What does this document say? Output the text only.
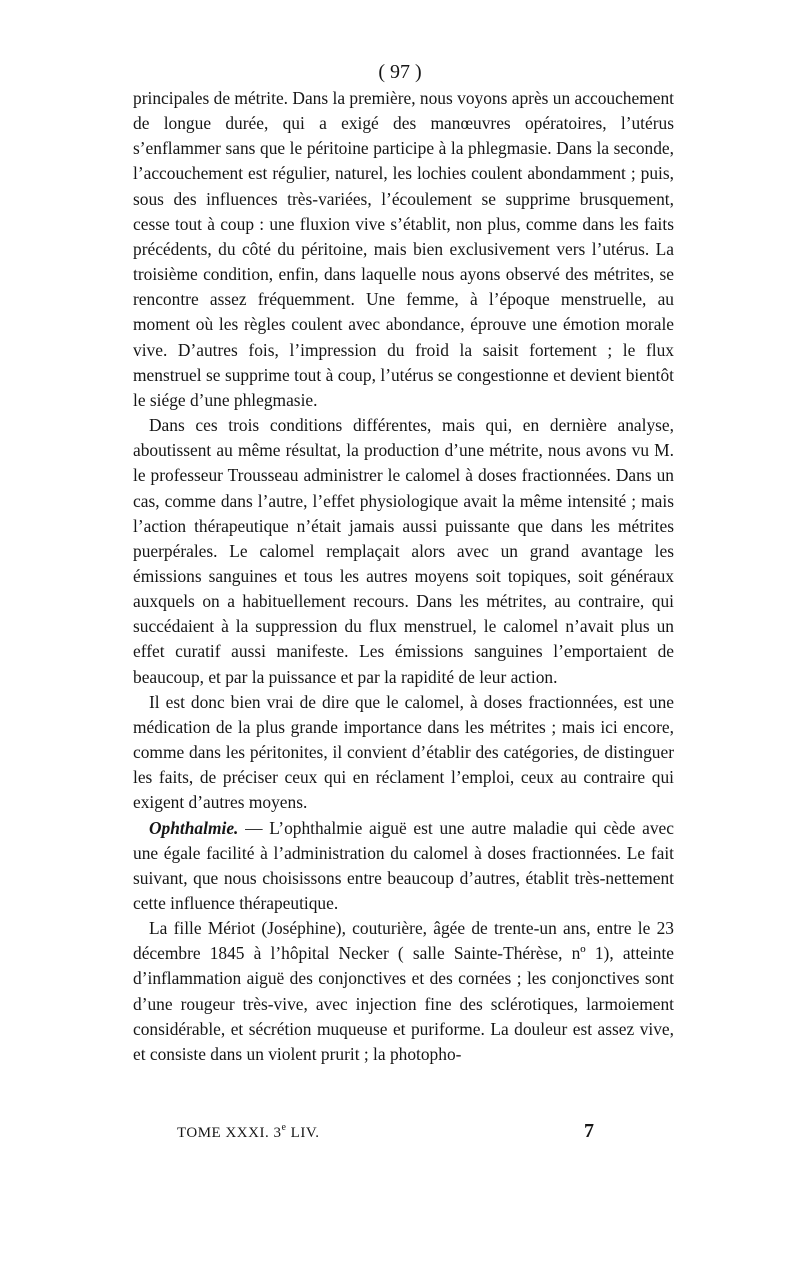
( 97 )

principales de métrite. Dans la première, nous voyons après un accouchement de longue durée, qui a exigé des manœuvres opératoires, l’utérus s’enflammer sans que le péritoine participe à la phlegmasie. Dans la seconde, l’accouchement est régulier, naturel, les lochies coulent abondamment ; puis, sous des influences très-variées, l’écoulement se supprime brusquement, cesse tout à coup : une fluxion vive s’établit, non plus, comme dans les faits précédents, du côté du péritoine, mais bien exclusivement vers l’utérus. La troisième condition, enfin, dans laquelle nous ayons observé des métrites, se rencontre assez fréquemment. Une femme, à l’époque menstruelle, au moment où les règles coulent avec abondance, éprouve une émotion morale vive. D’autres fois, l’impression du froid la saisit fortement ; le flux menstruel se supprime tout à coup, l’utérus se congestionne et devient bientôt le siége d’une phlegmasie.

Dans ces trois conditions différentes, mais qui, en dernière analyse, aboutissent au même résultat, la production d’une métrite, nous avons vu M. le professeur Trousseau administrer le calomel à doses fractionnées. Dans un cas, comme dans l’autre, l’effet physiologique avait la même intensité ; mais l’action thérapeutique n’était jamais aussi puissante que dans les métrites puerpérales. Le calomel remplaçait alors avec un grand avantage les émissions sanguines et tous les autres moyens soit topiques, soit généraux auxquels on a habituellement recours. Dans les métrites, au contraire, qui succédaient à la suppression du flux menstruel, le calomel n’avait plus un effet curatif aussi manifeste. Les émissions sanguines l’emportaient de beaucoup, et par la puissance et par la rapidité de leur action.

Il est donc bien vrai de dire que le calomel, à doses fractionnées, est une médication de la plus grande importance dans les métrites ; mais ici encore, comme dans les péritonites, il convient d’établir des catégories, de distinguer les faits, de préciser ceux qui en réclament l’emploi, ceux au contraire qui exigent d’autres moyens.

Ophthalmie. — L’ophthalmie aiguë est une autre maladie qui cède avec une égale facilité à l’administration du calomel à doses fractionnées. Le fait suivant, que nous choisissons entre beaucoup d’autres, établit très-nettement cette influence thérapeutique.

La fille Mériot (Joséphine), couturière, âgée de trente-un ans, entre le 23 décembre 1845 à l’hôpital Necker ( salle Sainte-Thérèse, nº 1), atteinte d’inflammation aiguë des conjonctives et des cornées ; les conjonctives sont d’une rougeur très-vive, avec injection fine des sclérotiques, larmoiement considérable, et sécrétion muqueuse et puriforme. La douleur est assez vive, et consiste dans un violent prurit ; la photopho-

TOME XXXI. 3e LIV.	7
